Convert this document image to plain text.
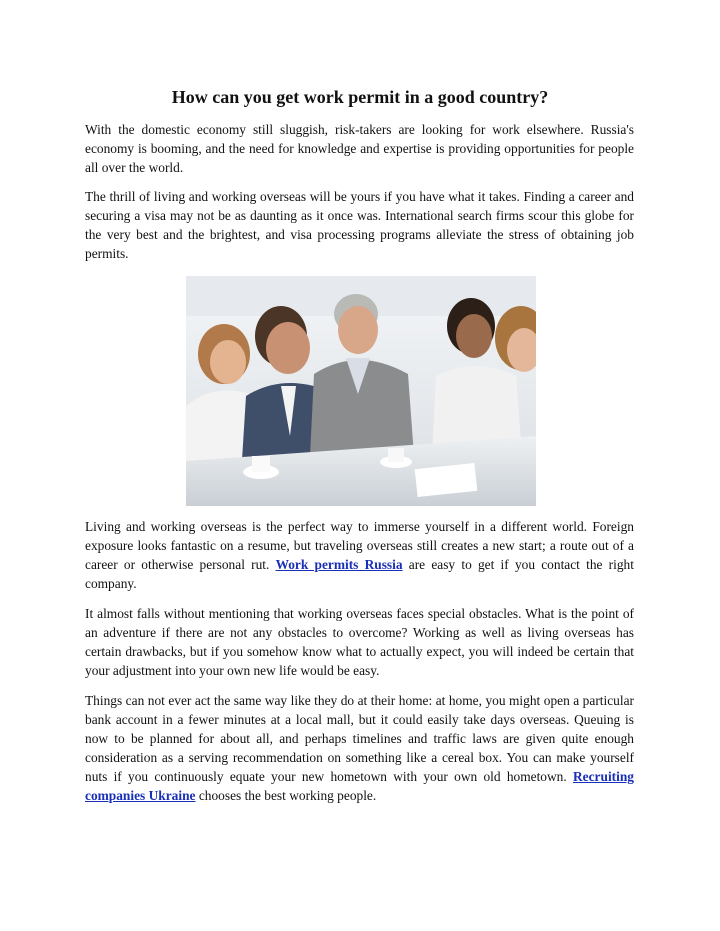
How can you get work permit in a good country?
With the domestic economy still sluggish, risk-takers are looking for work elsewhere. Russia's economy is booming, and the need for knowledge and expertise is providing opportunities for people all over the world.
The thrill of living and working overseas will be yours if you have what it takes. Finding a career and securing a visa may not be as daunting as it once was. International search firms scour this globe for the very best and the brightest, and visa processing programs alleviate the stress of obtaining job permits.
Living and working overseas is the perfect way to immerse yourself in a different world. Foreign exposure looks fantastic on a resume, but traveling overseas still creates a new start; a route out of a career or otherwise personal rut. Work permits Russia are easy to get if you contact the right company.
It almost falls without mentioning that working overseas faces special obstacles. What is the point of an adventure if there are not any obstacles to overcome? Working as well as living overseas has certain drawbacks, but if you somehow know what to actually expect, you will indeed be certain that your adjustment into your own new life would be easy.
Things can not ever act the same way like they do at their home: at home, you might open a particular bank account in a fewer minutes at a local mall, but it could easily take days overseas. Queuing is now to be planned for about all, and perhaps timelines and traffic laws are given quite enough consideration as a serving recommendation on something like a cereal box. You can make yourself nuts if you continuously equate your new hometown with your own old hometown. Recruiting companies Ukraine chooses the best working people.
